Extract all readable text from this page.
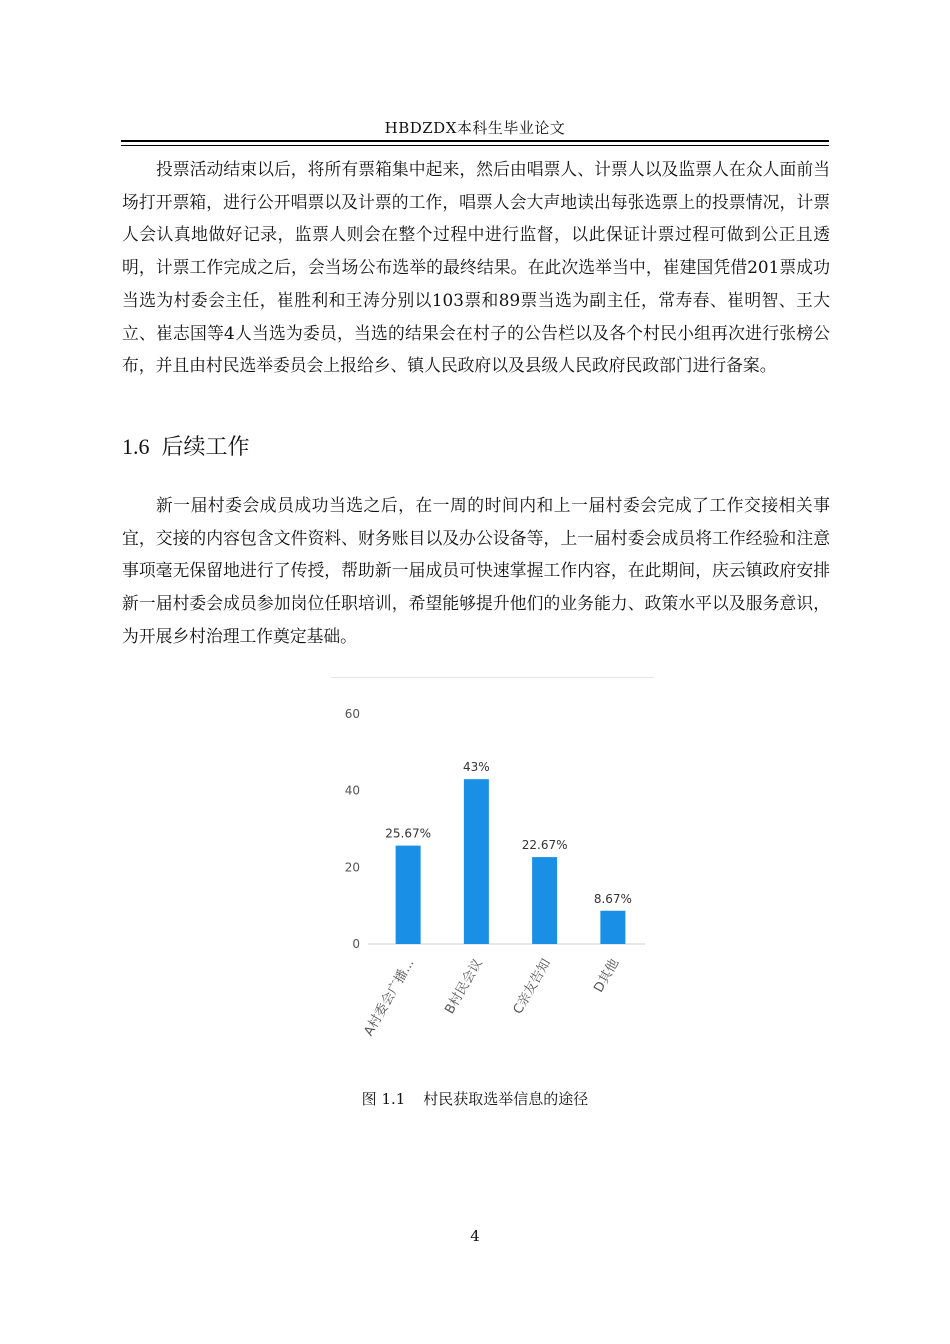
HBDZDX本科生毕业论文

投票活动结束以后，将所有票箱集中起来，然后由唱票人、计票人以及监票人在众人面前当场打开票箱，进行公开唱票以及计票的工作，唱票人会大声地读出每张选票上的投票情况，计票人会认真地做好记录，监票人则会在整个过程中进行监督，以此保证计票过程可做到公正且透明，计票工作完成之后，会当场公布选举的最终结果。在此次选举当中，崔建国凭借201票成功当选为村委会主任，崔胜利和王涛分别以103票和89票当选为副主任，常寿春、崔明智、王大立、崔志国等4人当选为委员，当选的结果会在村子的公告栏以及各个村民小组再次进行张榜公布，并且由村民选举委员会上报给乡、镇人民政府以及县级人民政府民政部门进行备案。

1.6 后续工作

新一届村委会成员成功当选之后，在一周的时间内和上一届村委会完成了工作交接相关事宜，交接的内容包含文件资料、财务账目以及办公设备等，上一届村委会成员将工作经验和注意事项毫无保留地进行了传授，帮助新一届成员可快速掌握工作内容，在此期间，庆云镇政府安排新一届村委会成员参加岗位任职培训，希望能够提升他们的业务能力、政策水平以及服务意识，为开展乡村治理工作奠定基础。

0
20
40
60
25.67%
A村委会广播...
43%
B村民会议
22.67%
C亲友告知
8.67%
D其他
图 1.1 村民获取选举信息的途径
4
